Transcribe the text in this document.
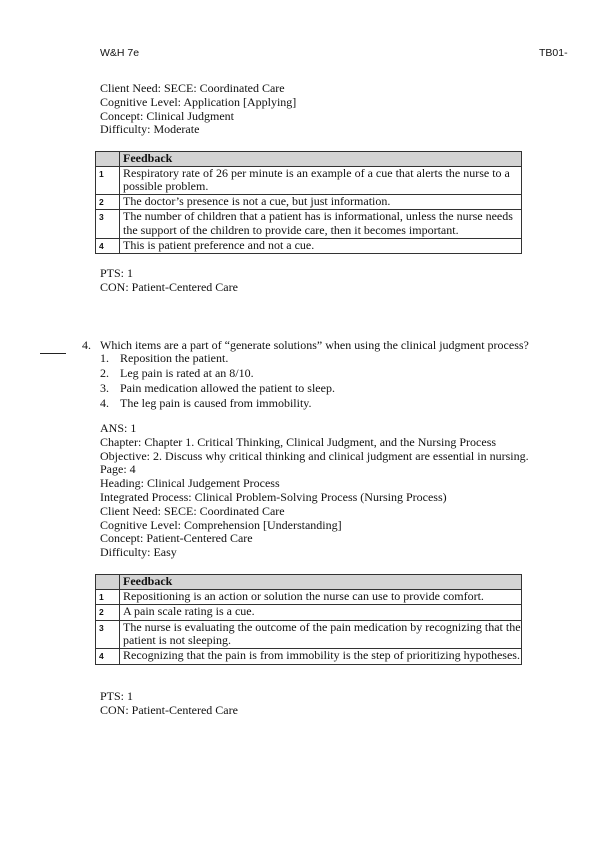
W&H 7e	TB01-
Client Need: SECE: Coordinated Care
Cognitive Level: Application [Applying]
Concept: Clinical Judgment
Difficulty: Moderate
	Feedback
1	Respiratory rate of 26 per minute is an example of a cue that alerts the nurse to a possible problem.
2	The doctor’s presence is not a cue, but just information.
3	The number of children that a patient has is informational, unless the nurse needs the support of the children to provide care, then it becomes important.
4	This is patient preference and not a cue.
PTS: 1
CON: Patient-Centered Care
4. Which items are a part of “generate solutions” when using the clinical judgment process?
1. Reposition the patient.
2. Leg pain is rated at an 8/10.
3. Pain medication allowed the patient to sleep.
4. The leg pain is caused from immobility.
ANS: 1
Chapter: Chapter 1. Critical Thinking, Clinical Judgment, and the Nursing Process
Objective: 2. Discuss why critical thinking and clinical judgment are essential in nursing.
Page: 4
Heading: Clinical Judgement Process
Integrated Process: Clinical Problem-Solving Process (Nursing Process)
Client Need: SECE: Coordinated Care
Cognitive Level: Comprehension [Understanding]
Concept: Patient-Centered Care
Difficulty: Easy
	Feedback
1	Repositioning is an action or solution the nurse can use to provide comfort.
2	A pain scale rating is a cue.
3	The nurse is evaluating the outcome of the pain medication by recognizing that the patient is not sleeping.
4	Recognizing that the pain is from immobility is the step of prioritizing hypotheses.
PTS: 1
CON: Patient-Centered Care
